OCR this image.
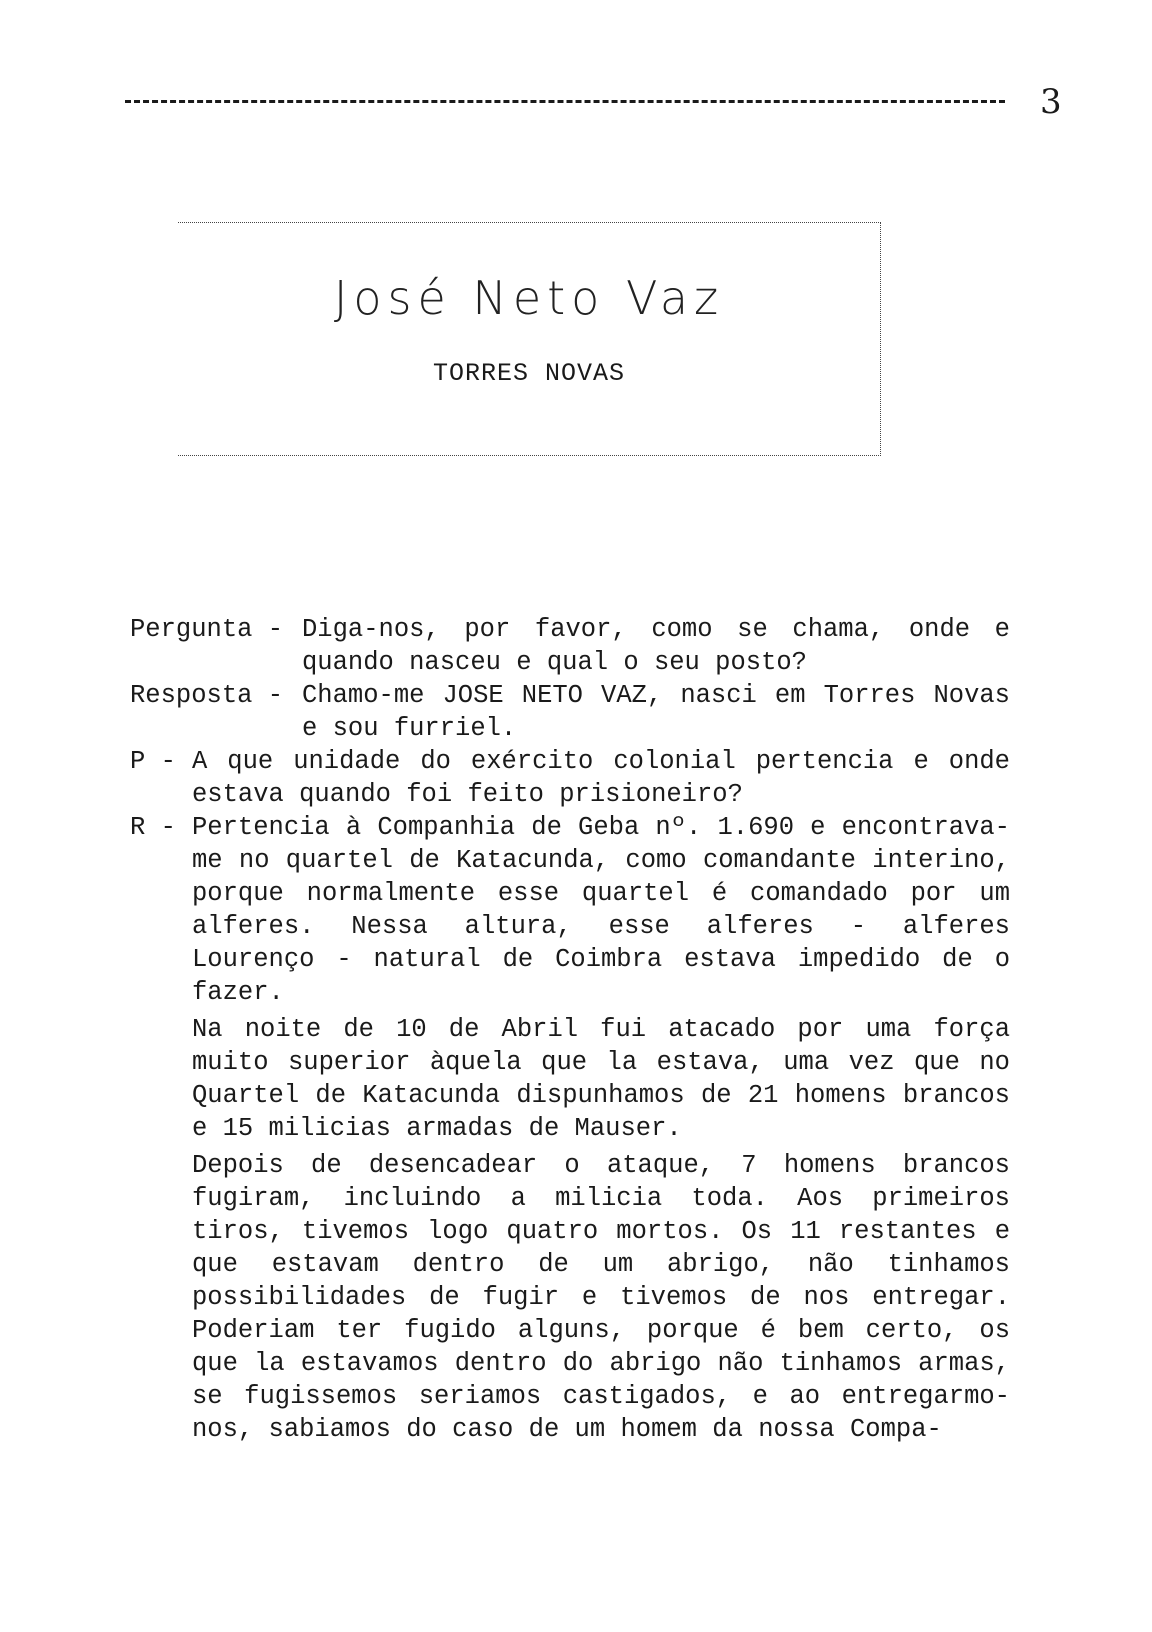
3
José Neto Vaz
TORRES NOVAS
Pergunta - Diga-nos, por favor, como se chama, onde e quando nasceu e qual o seu posto?
Resposta - Chamo-me JOSE NETO VAZ, nasci em Torres Novas e sou furriel.
P - A que unidade do exército colonial pertencia e onde estava quando foi feito prisioneiro?
R - Pertencia à Companhia de Geba nº. 1.690 e encontrava-me no quartel de Katacunda, como comandante interino, porque normalmente esse quartel é comandado por um alferes. Nessa altura, esse alferes - alferes Lourenço - natural de Coimbra estava impedido de o fazer.

Na noite de 10 de Abril fui atacado por uma força muito superior àquela que la estava, uma vez que no Quartel de Katacunda dispunhamos de 21 homens brancos e 15 milicias armadas de Mauser.

Depois de desencadear o ataque, 7 homens brancos fugiram, incluindo a milicia toda. Aos primeiros tiros, tivemos logo quatro mortos. Os 11 restantes e que estavam dentro de um abrigo, não tinhamos possibilidades de fugir e tivemos de nos entregar. Poderiam ter fugido alguns, porque é bem certo, os que la estavamos dentro do abrigo não tinhamos armas, se fugissemos seriamos castigados, e ao entregarmo-nos, sabiamos do caso de um homem da nossa Compa-
